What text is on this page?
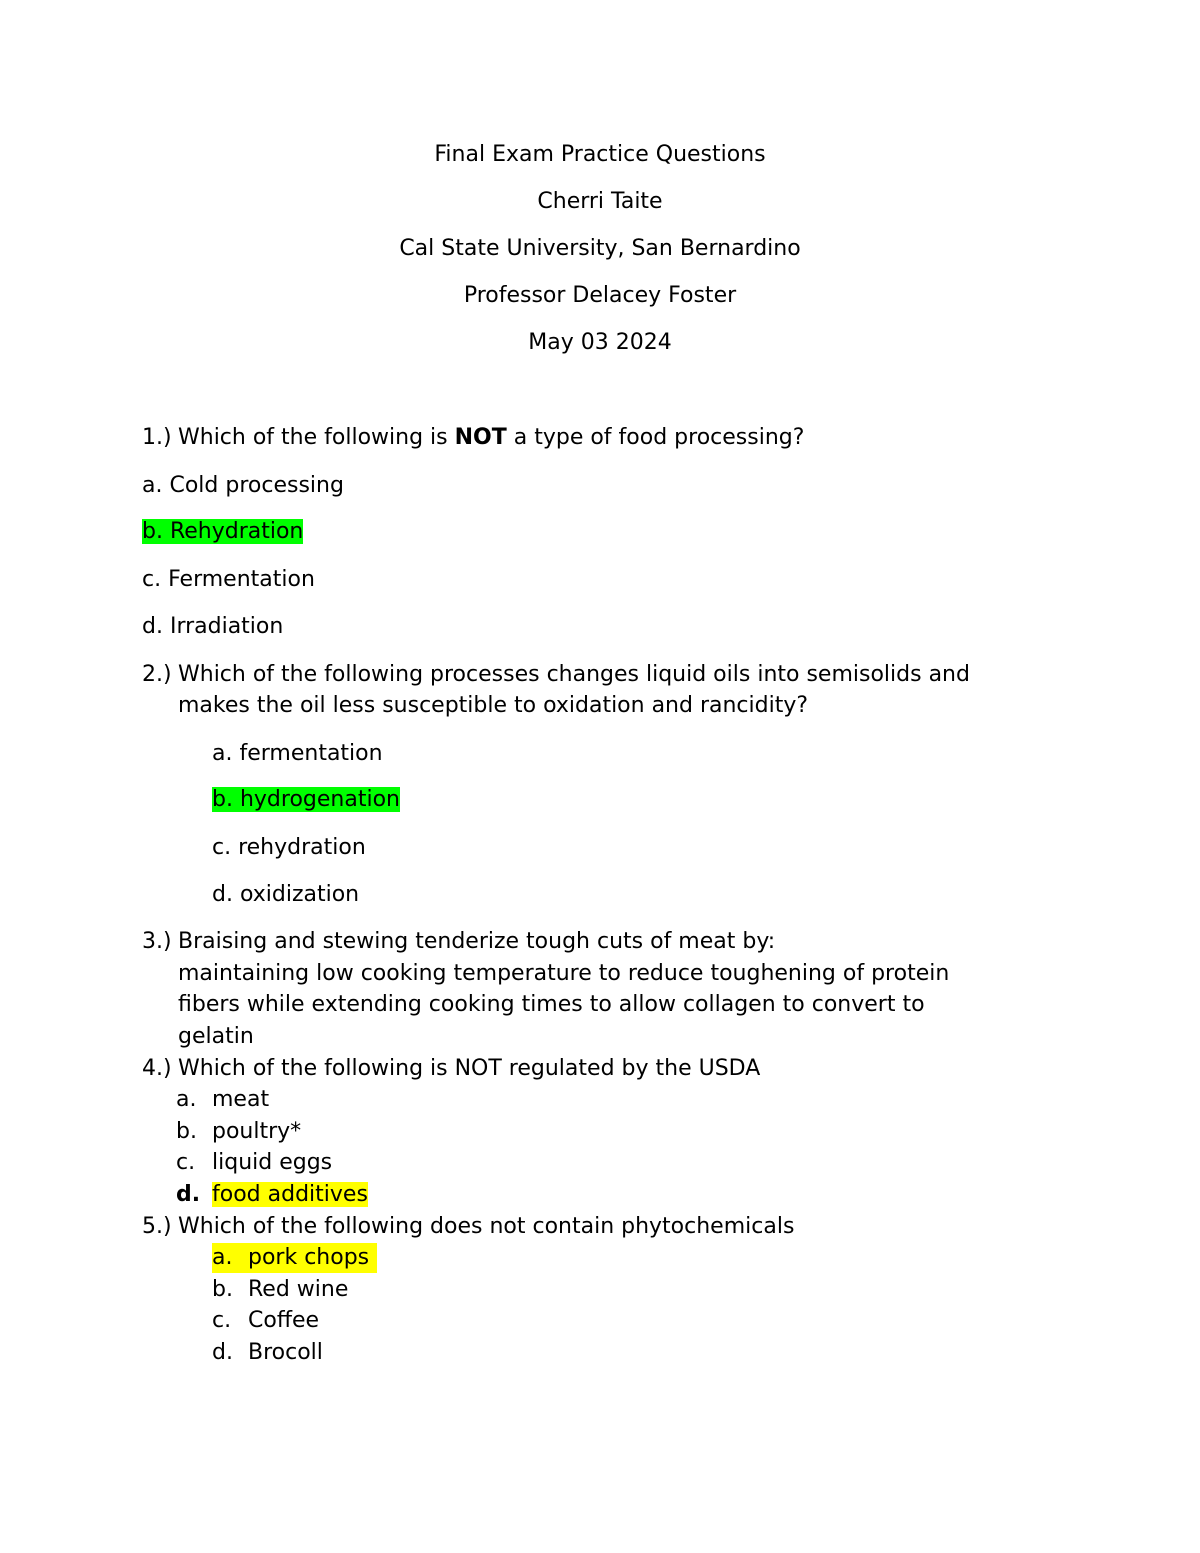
Final Exam Practice Questions
Cherri Taite
Cal State University, San Bernardino
Professor Delacey Foster
May 03 2024
1.) Which of the following is NOT a type of food processing?
a. Cold processing
b. Rehydration
c. Fermentation
d. Irradiation
2.) Which of the following processes changes liquid oils into semisolids and
makes the oil less susceptible to oxidation and rancidity?
a. fermentation
b. hydrogenation
c. rehydration
d. oxidization
3.) Braising and stewing tenderize tough cuts of meat by:
maintaining low cooking temperature to reduce toughening of protein
fibers while extending cooking times to allow collagen to convert to
gelatin
4.) Which of the following is NOT regulated by the USDA
a. meat
b. poultry*
c. liquid eggs
d. food additives
5.) Which of the following does not contain phytochemicals
a. pork chops
b. Red wine
c. Coffee
d. Brocoll
